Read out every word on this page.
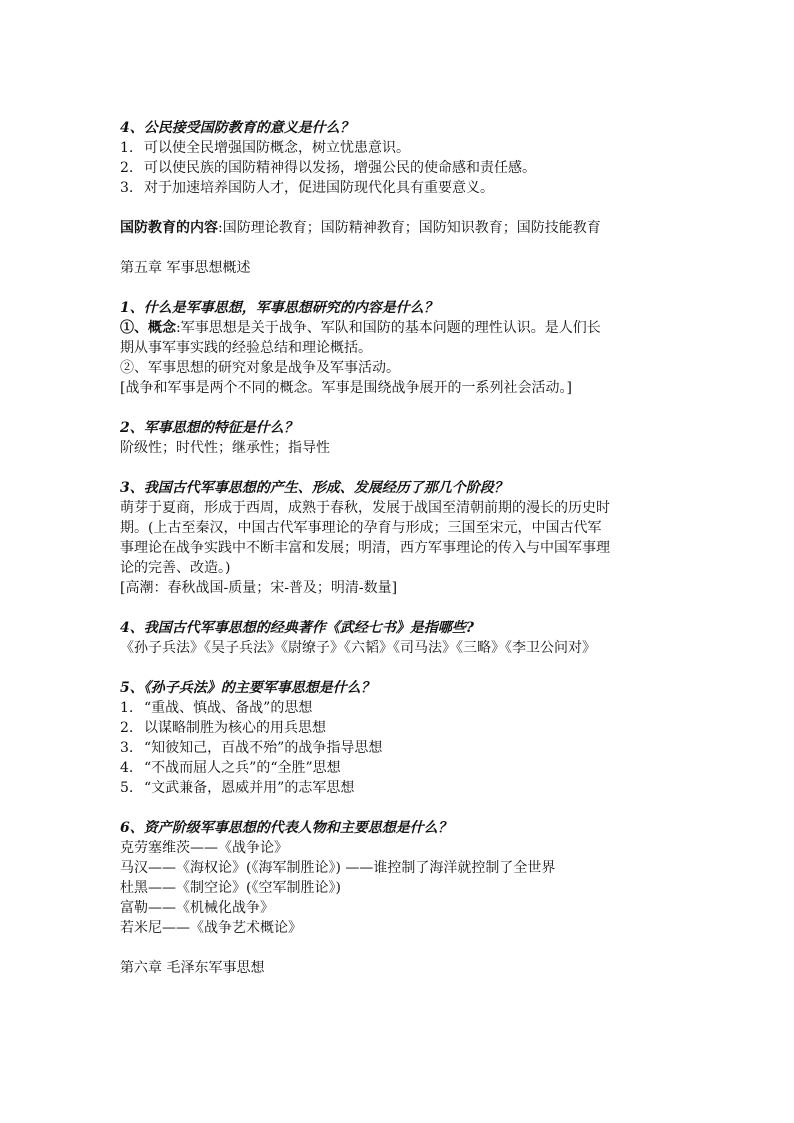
4、公民接受国防教育的意义是什么？
1. 可以使全民增强国防概念，树立忧患意识。
2. 可以使民族的国防精神得以发扬，增强公民的使命感和责任感。
3. 对于加速培养国防人才，促进国防现代化具有重要意义。
国防教育的内容:国防理论教育；国防精神教育；国防知识教育；国防技能教育
第五章 军事思想概述
1、什么是军事思想，军事思想研究的内容是什么？
①、概念:军事思想是关于战争、军队和国防的基本问题的理性认识。是人们长
期从事军事实践的经验总结和理论概括。
②、军事思想的研究对象是战争及军事活动。
[战争和军事是两个不同的概念。军事是围绕战争展开的一系列社会活动。]
2、军事思想的特征是什么？
阶级性；时代性；继承性；指导性
3、我国古代军事思想的产生、形成、发展经历了那几个阶段？
萌芽于夏商，形成于西周，成熟于春秋，发展于战国至清朝前期的漫长的历史时
期。(上古至秦汉，中国古代军事理论的孕育与形成；三国至宋元，中国古代军
事理论在战争实践中不断丰富和发展；明清，西方军事理论的传入与中国军事理
论的完善、改造。)
[高潮：春秋战国-质量；宋-普及；明清-数量]
4、我国古代军事思想的经典著作《武经七书》是指哪些?
《孙子兵法》《吴子兵法》《尉缭子》《六韬》《司马法》《三略》《李卫公问对》
5、《孙子兵法》的主要军事思想是什么？
1. “重战、慎战、备战”的思想
2. 以谋略制胜为核心的用兵思想
3. “知彼知己，百战不殆”的战争指导思想
4. “不战而屈人之兵”的“全胜”思想
5. “文武兼备，恩威并用”的志军思想
6、资产阶级军事思想的代表人物和主要思想是什么？
克劳塞维茨——《战争论》
马汉——《海权论》(《海军制胜论》) ——谁控制了海洋就控制了全世界
杜黑——《制空论》(《空军制胜论》)
富勒——《机械化战争》
若米尼——《战争艺术概论》
第六章 毛泽东军事思想
